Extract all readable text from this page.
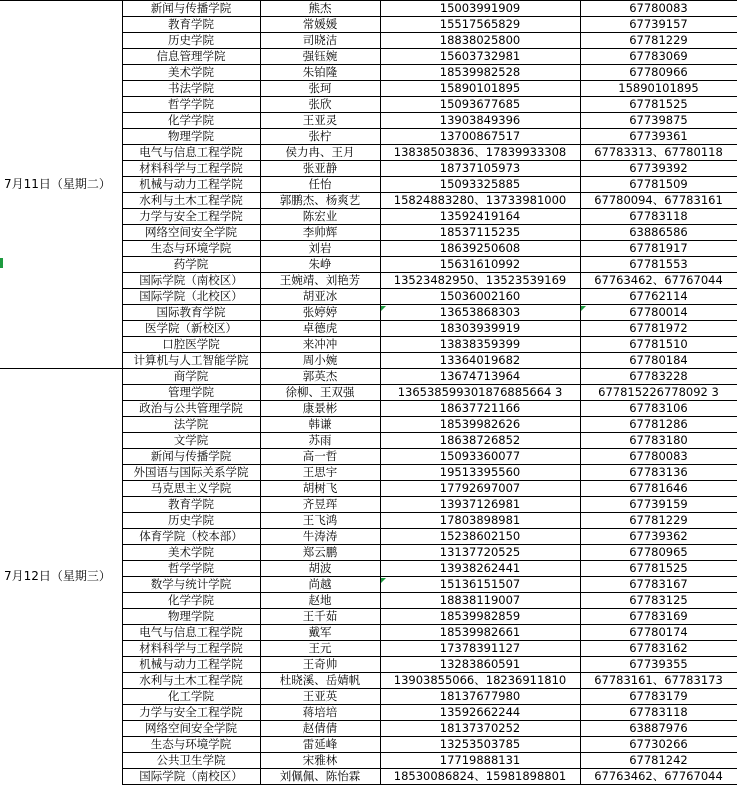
7月11日（星期二）	新闻与传播学院	熊杰	15003991909	67780083
	教育学院	常媛媛	15517565829	67739157
	历史学院	司晓洁	18838025800	67781229
	信息管理学院	强钰婉	15603732981	67783069
	美术学院	朱铂隆	18539982528	67780966
	书法学院	张珂	15890101895	15890101895
	哲学学院	张欣	15093677685	67781525
	化学学院	王亚灵	13903849396	67739875
	物理学院	张柠	13700867517	67739361
	电气与信息工程学院	侯力冉、王月	13838503836、17839933308	67783313、67780118
	材料科学与工程学院	张亚静	18737105973	67739392
	机械与动力工程学院	任怡	15093325885	67781509
	水利与土木工程学院	郭鹏杰、杨爽艺	15824883280、13733981000	67780094、67783161
	力学与安全工程学院	陈宏业	13592419164	67783118
	网络空间安全学院	李帅辉	18537115235	63886586
	生态与环境学院	刘岩	18639250608	67781917
	药学院	朱峥	15631610992	67781553
	国际学院（南校区）	王婉靖、刘艳芳	13523482950、13523539169	67763462、67767044
	国际学院（北校区）	胡亚冰	15036002160	67762114
	国际教育学院	张婷婷	13653868303	67780014
	医学院（新校区）	卓德虎	18303939919	67781972
	口腔医学院	来冲冲	13838359399	67781510
	计算机与人工智能学院	周小婉	13364019682	67780184
7月12日（星期三）	商学院	郭英杰	13674713964	67783228
	管理学院	徐柳、王双强	136538599301876885664 3	677815226778092 3
	政治与公共管理学院	康景彬	18637721166	67783106
	法学院	韩谦	18539982626	67781286
	文学院	苏雨	18638726852	67783180
	新闻与传播学院	高一哲	15093360077	67780083
	外国语与国际关系学院	王思宇	19513395560	67783136
	马克思主义学院	胡树飞	17792697007	67781646
	教育学院	齐昱珲	13937126981	67739159
	历史学院	王飞鸿	17803898981	67781229
	体育学院（校本部）	牛涛涛	15238602150	67739362
	美术学院	郑云鹏	13137720525	67780965
	哲学学院	胡波	13938262441	67781525
	数学与统计学院	尚越	15136151507	67783167
	化学学院	赵地	18838119007	67783125
	物理学院	王千茹	18539982859	67783169
	电气与信息工程学院	戴军	18539982661	67780174
	材料科学与工程学院	王元	17378391127	67783162
	机械与动力工程学院	王奇帅	13283860591	67739355
	水利与土木工程学院	杜晓溪、岳婧帆	13903855066、18236911810	67783161、67783173
	化工学院	王亚英	18137677980	67783179
	力学与安全工程学院	蒋培培	13592662244	67783118
	网络空间安全学院	赵倩倩	18137370252	63887976
	生态与环境学院	雷延峰	13253503785	67730266
	公共卫生学院	宋雅林	17719888131	67781242
	国际学院（南校区）	刘佩佩、陈怡霖	18530086824、15981898801	67763462、67767044
